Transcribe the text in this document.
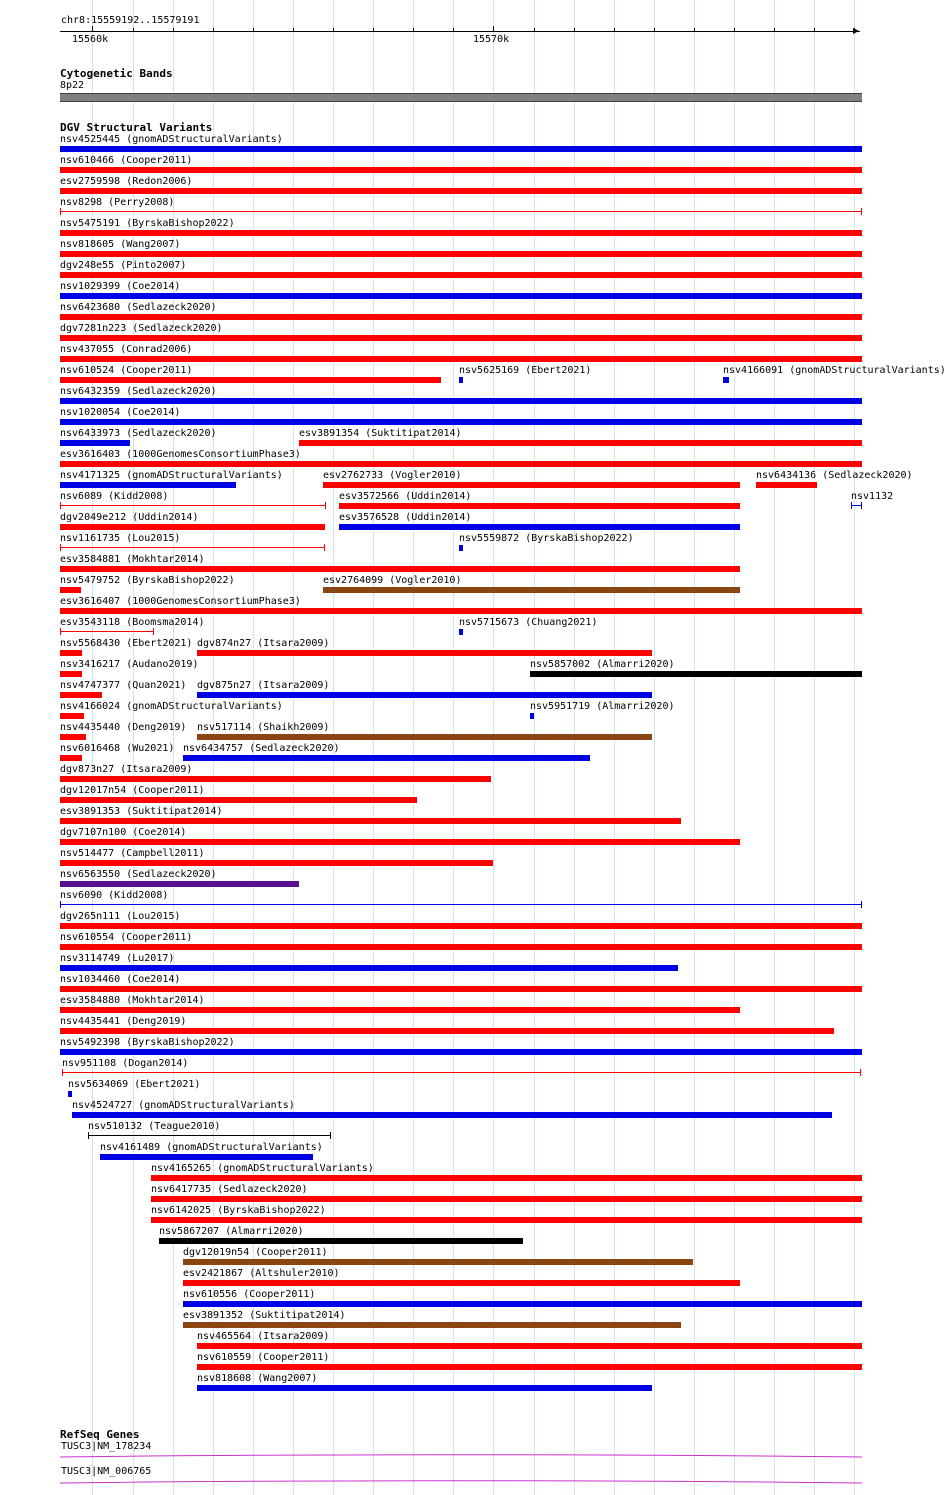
chr8:15559192..15579191
15560k	15570k
Cytogenetic Bands
8p22
DGV Structural Variants
nsv4525445 (gnomADStructuralVariants)
nsv610466 (Cooper2011)
esv2759598 (Redon2006)
nsv8298 (Perry2008)
nsv5475191 (ByrskaBishop2022)
nsv818605 (Wang2007)
dgv248e55 (Pinto2007)
nsv1029399 (Coe2014)
nsv6423680 (Sedlazeck2020)
dgv7281n223 (Sedlazeck2020)
nsv437055 (Conrad2006)
nsv610524 (Cooper2011)	nsv5625169 (Ebert2021)	nsv4166091 (gnomADStructuralVariants)
nsv6432359 (Sedlazeck2020)
nsv1020054 (Coe2014)
nsv6433973 (Sedlazeck2020)	esv3891354 (Suktitipat2014)
esv3616403 (1000GenomesConsortiumPhase3)
nsv4171325 (gnomADStructuralVariants)	esv2762733 (Vogler2010)	nsv6434136 (Sedlazeck2020)
nsv6089 (Kidd2008)	esv3572566 (Uddin2014)	nsv1132
dgv2049e212 (Uddin2014)	esv3576528 (Uddin2014)
nsv1161735 (Lou2015)	nsv5559872 (ByrskaBishop2022)
esv3584881 (Mokhtar2014)
nsv5479752 (ByrskaBishop2022)	esv2764099 (Vogler2010)
esv3616407 (1000GenomesConsortiumPhase3)
esv3543118 (Boomsma2014)	nsv5715673 (Chuang2021)
nsv5568430 (Ebert2021) dgv874n27 (Itsara2009)
nsv3416217 (Audano2019)	nsv5857002 (Almarri2020)
nsv4747377 (Quan2021) dgv875n27 (Itsara2009)
nsv4166024 (gnomADStructuralVariants)	nsv5951719 (Almarri2020)
nsv4435440 (Deng2019) nsv517114 (Shaikh2009)
nsv6016468 (Wu2021) nsv6434757 (Sedlazeck2020)
dgv873n27 (Itsara2009)
dgv12017n54 (Cooper2011)
esv3891353 (Suktitipat2014)
dgv7107n100 (Coe2014)
nsv514477 (Campbell2011)
nsv6563550 (Sedlazeck2020)
nsv6090 (Kidd2008)
dgv265n111 (Lou2015)
nsv610554 (Cooper2011)
nsv3114749 (Lu2017)
nsv1034460 (Coe2014)
esv3584880 (Mokhtar2014)
nsv4435441 (Deng2019)
nsv5492398 (ByrskaBishop2022)
nsv951108 (Dogan2014)
nsv5634069 (Ebert2021)
nsv4524727 (gnomADStructuralVariants)
nsv510132 (Teague2010)
nsv4161489 (gnomADStructuralVariants)
nsv4165265 (gnomADStructuralVariants)
nsv6417735 (Sedlazeck2020)
nsv6142025 (ByrskaBishop2022)
nsv5867207 (Almarri2020)
dgv12019n54 (Cooper2011)
esv2421867 (Altshuler2010)
nsv610556 (Cooper2011)
esv3891352 (Suktitipat2014)
nsv465564 (Itsara2009)
nsv610559 (Cooper2011)
nsv818608 (Wang2007)
RefSeq Genes
TUSC3|NM_178234
TUSC3|NM_006765
